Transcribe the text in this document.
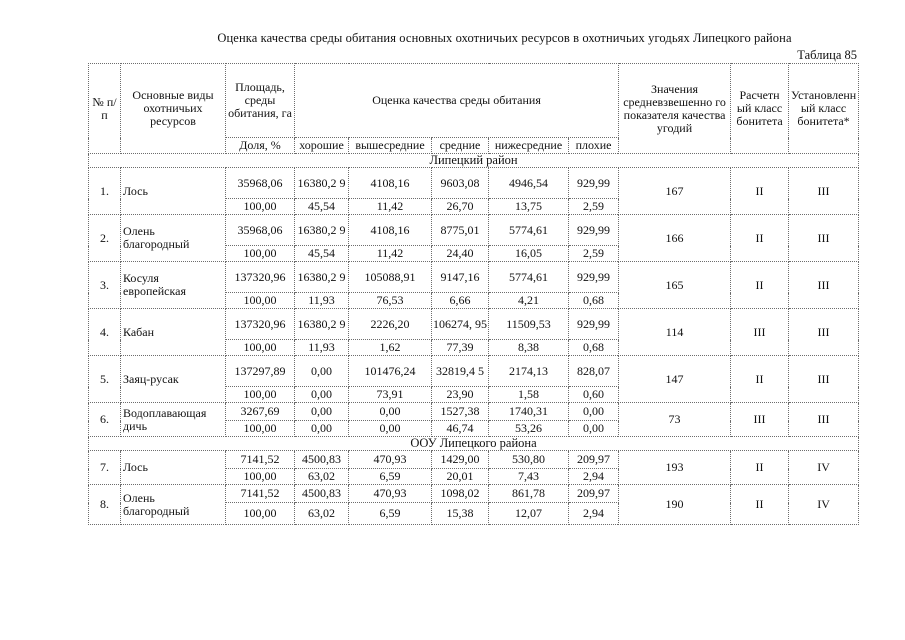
Оценка качества среды обитания основных охотничьих ресурсов в охотничьих угодьях Липецкого района
Таблица 85
№ п/п	Основные виды охотничьих ресурсов	Площадь, среды обитания, га	Оценка качества среды обитания					Значения средневзвешенно го показателя качества угодий	Расчетн ый класс бонитета	Установленн ый класс бонитета*
		Доля, %	хорошие	вышесредние	средние	нижесредние	плохие			
Липецкий район										
1.	Лось	35968,06	16380,2 9	4108,16	9603,08	4946,54	929,99	167	II	III
		100,00	45,54	11,42	26,70	13,75	2,59			
2.	Олень благородный	35968,06	16380,2 9	4108,16	8775,01	5774,61	929,99	166	II	III
		100,00	45,54	11,42	24,40	16,05	2,59			
3.	Косуля европейская	137320,96	16380,2 9	105088,91	9147,16	5774,61	929,99	165	II	III
		100,00	11,93	76,53	6,66	4,21	0,68			
4.	Кабан	137320,96	16380,2 9	2226,20	106274, 95	11509,53	929,99	114	III	III
		100,00	11,93	1,62	77,39	8,38	0,68			
5.	Заяц-русак	137297,89	0,00	101476,24	32819,4 5	2174,13	828,07	147	II	III
		100,00	0,00	73,91	23,90	1,58	0,60			
6.	Водоплавающая дичь	3267,69	0,00	0,00	1527,38	1740,31	0,00	73	III	III
		100,00	0,00	0,00	46,74	53,26	0,00			
ООУ Липецкого района										
7.	Лось	7141,52	4500,83	470,93	1429,00	530,80	209,97	193	II	IV
		100,00	63,02	6,59	20,01	7,43	2,94			
8.	Олень благородный	7141,52	4500,83	470,93	1098,02	861,78	209,97	190	II	IV
		100,00	63,02	6,59	15,38	12,07	2,94			
